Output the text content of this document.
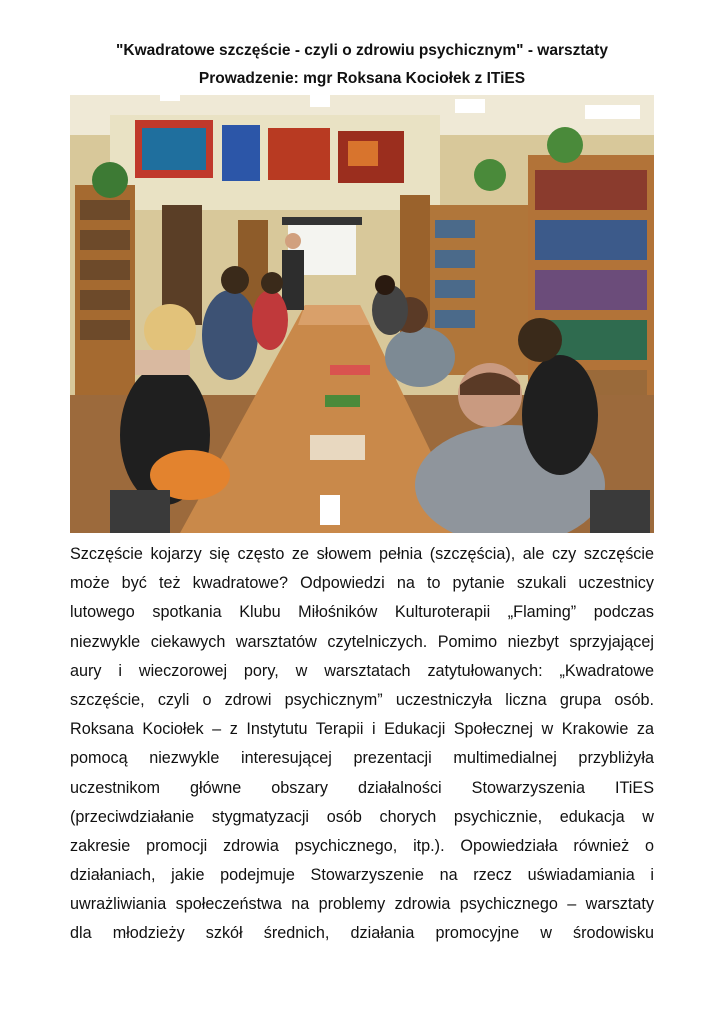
"Kwadratowe szczęście - czyli o zdrowiu psychicznym" - warsztaty
Prowadzenie: mgr Roksana Kociołek z ITiES
Szczęście kojarzy się często ze słowem pełnia (szczęścia), ale czy szczęście
może być też kwadratowe? Odpowiedzi na to pytanie szukali uczestnicy
lutowego spotkania Klubu Miłośników Kulturoterapii „Flaming” podczas
niezwykle ciekawych warsztatów czytelniczych. Pomimo niezbyt sprzyjającej
aury i wieczorowej pory, w warsztatach zatytułowanych: „Kwadratowe
szczęście, czyli o zdrowi psychicznym” uczestniczyła liczna grupa osób.
Roksana Kociołek – z Instytutu Terapii i Edukacji Społecznej w Krakowie za
pomocą niezwykle interesującej prezentacji multimedialnej przybliżyła
uczestnikom główne obszary działalności Stowarzyszenia ITiES
(przeciwdziałanie stygmatyzacji osób chorych psychicznie, edukacja w
zakresie promocji zdrowia psychicznego, itp.). Opowiedziała również o
działaniach, jakie podejmuje Stowarzyszenie na rzecz uświadamiania i
uwrażliwiania społeczeństwa na problemy zdrowia psychicznego – warsztaty
dla młodzieży szkół średnich, działania promocyjne w środowisku
